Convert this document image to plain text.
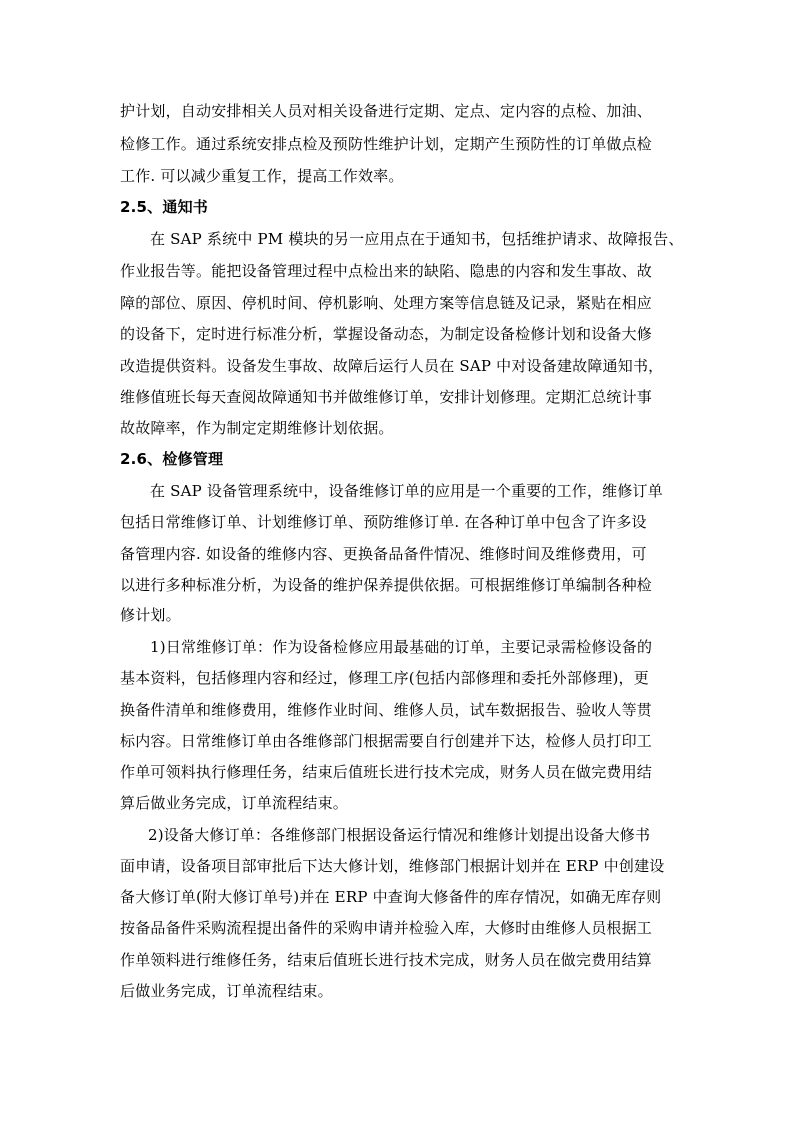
护计划，自动安排相关人员对相关设备进行定期、定点、定内容的点检、加油、
检修工作。通过系统安排点检及预防性维护计划，定期产生预防性的订单做点检
工作. 可以减少重复工作，提高工作效率。
2.5、通知书
在 SAP 系统中 PM 模块的另一应用点在于通知书，包括维护请求、故障报告、
作业报告等。能把设备管理过程中点检出来的缺陷、隐患的内容和发生事故、故
障的部位、原因、停机时间、停机影响、处理方案等信息链及记录，紧贴在相应
的设备下，定时进行标准分析，掌握设备动态，为制定设备检修计划和设备大修
改造提供资料。设备发生事故、故障后运行人员在 SAP 中对设备建故障通知书，
维修值班长每天查阅故障通知书并做维修订单，安排计划修理。定期汇总统计事
故故障率，作为制定定期维修计划依据。
2.6、检修管理
在 SAP 设备管理系统中，设备维修订单的应用是一个重要的工作，维修订单
包括日常维修订单、计划维修订单、预防维修订单. 在各种订单中包含了许多设
备管理内容. 如设备的维修内容、更换备品备件情况、维修时间及维修费用，可
以进行多种标准分析，为设备的维护保养提供依据。可根据维修订单编制各种检
修计划。
1)日常维修订单：作为设备检修应用最基础的订单，主要记录需检修设备的
基本资料，包括修理内容和经过，修理工序(包括内部修理和委托外部修理)，更
换备件清单和维修费用，维修作业时间、维修人员，试车数据报告、验收人等贯
标内容。日常维修订单由各维修部门根据需要自行创建并下达，检修人员打印工
作单可领料执行修理任务，结束后值班长进行技术完成，财务人员在做完费用结
算后做业务完成，订单流程结束。
2)设备大修订单：各维修部门根据设备运行情况和维修计划提出设备大修书
面申请，设备项目部审批后下达大修计划，维修部门根据计划并在 ERP 中创建设
备大修订单(附大修订单号)并在 ERP 中查询大修备件的库存情况，如确无库存则
按备品备件采购流程提出备件的采购申请并检验入库，大修时由维修人员根据工
作单领料进行维修任务，结束后值班长进行技术完成，财务人员在做完费用结算
后做业务完成，订单流程结束。
